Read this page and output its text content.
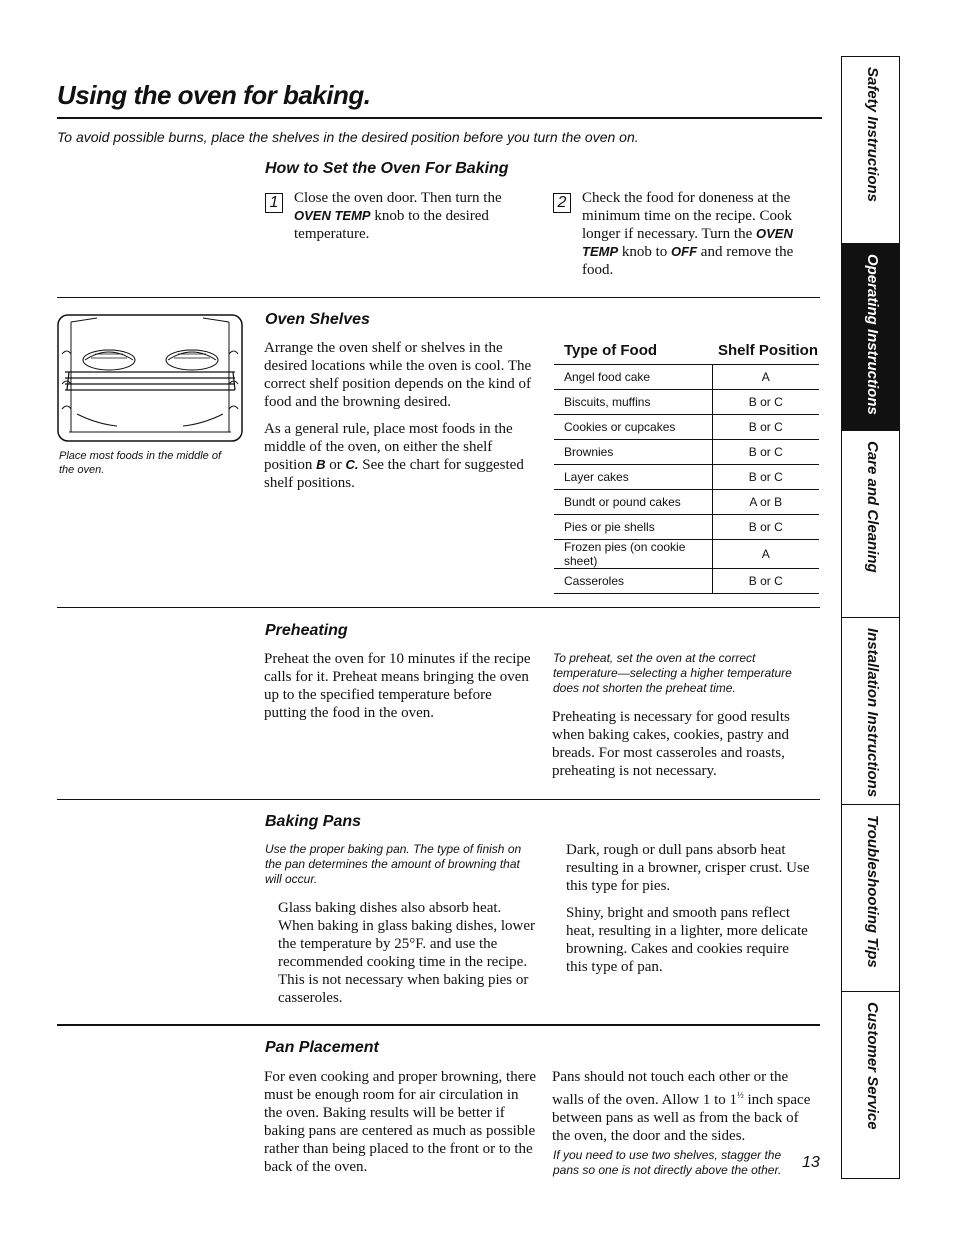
Using the oven for baking.
To avoid possible burns, place the shelves in the desired position before you turn the oven on.
How to Set the Oven For Baking
1	Close the oven door. Then turn the OVEN TEMP knob to the desired temperature.
2	Check the food for doneness at the minimum time on the recipe. Cook longer if necessary. Turn the OVEN TEMP knob to OFF and remove the food.
Place most foods in the middle of the oven.
Oven Shelves
Arrange the oven shelf or shelves in the desired locations while the oven is cool. The correct shelf position depends on the kind of food and the browning desired.
As a general rule, place most foods in the middle of the oven, on either the shelf position B or C. See the chart for suggested shelf positions.
Type of Food	Shelf Position
Angel food cake	A
Biscuits, muffins	B or C
Cookies or cupcakes	B or C
Brownies	B or C
Layer cakes	B or C
Bundt or pound cakes	A or B
Pies or pie shells	B or C
Frozen pies (on cookie sheet)	A
Casseroles	B or C
Preheating
Preheat the oven for 10 minutes if the recipe calls for it. Preheat means bringing the oven up to the specified temperature before putting the food in the oven.
To preheat, set the oven at the correct temperature—selecting a higher temperature does not shorten the preheat time.
Preheating is necessary for good results when baking cakes, cookies, pastry and breads. For most casseroles and roasts, preheating is not necessary.
Baking Pans
Use the proper baking pan. The type of finish on the pan determines the amount of browning that will occur.
Glass baking dishes also absorb heat. When baking in glass baking dishes, lower the temperature by 25°F. and use the recommended cooking time in the recipe. This is not necessary when baking pies or casseroles.
Dark, rough or dull pans absorb heat resulting in a browner, crisper crust. Use this type for pies.
Shiny, bright and smooth pans reflect heat, resulting in a lighter, more delicate browning. Cakes and cookies require this type of pan.
Pan Placement
For even cooking and proper browning, there must be enough room for air circulation in the oven. Baking results will be better if baking pans are centered as much as possible rather than being placed to the front or to the back of the oven.
Pans should not touch each other or the walls of the oven. Allow 1 to $1^{\frac{1}{2}}$ inch space between pans as well as from the back of the oven, the door and the sides.
If you need to use two shelves, stagger the pans so one is not directly above the other.	13
Safety Instructions
Operating Instructions
Care and Cleaning
Installation Instructions
Troubleshooting Tips
Customer Service
